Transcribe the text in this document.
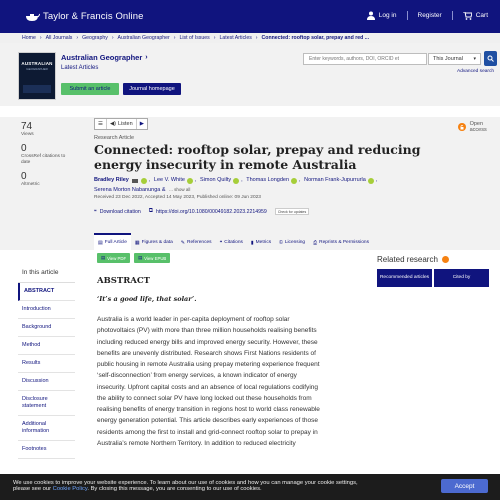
Taylor & Francis Online	Log in	Register	Cart
Home › All Journals › Geography › Australian Geographer › List of Issues › Latest Articles › Connected: rooftop solar, prepay and red ...
AUSTRALIAN
GEOGRAPHER
Australian Geographer ›
Latest Articles
Submit an article	Journal homepage
Enter keywords, authors, DOI, ORCID et
This Journal ▾
Advanced search
74
Views
0
CrossRef citations to date
0
Altmetric
☰	◀) Listen	▶	Open access
Research Article
Connected: rooftop solar, prepay and reducing energy insecurity in remote Australia
Bradley Riley	, Lee V. White , Simon Quilty , Thomas Longden , Norman Frank-Jupurrurla ,
Serena Morton Nabanunga & ... show all
Received 23 Dec 2022, Accepted 14 May 2023, Published online: 09 Jun 2023
❝ Download citation ⧉ https://doi.org/10.1080/00049182.2023.2214959	Check for updates
▤ Full Article ▦ Figures & data ✎ References ❝ Citations ▮ Metrics © Licensing ⎙ Reprints & Permissions
▤ View PDF	▤ View EPUB
In this article
ABSTRACT
Introduction
Background
Method
Results
Discussion
Disclosure statement
Additional information
Footnotes
ABSTRACT

‘It’s a good life, that solar’.

Australia is a world leader in per-capita deployment of rooftop solar
photovoltaics (PV) with more than three million households realising benefits
including reduced energy bills and improved energy security. However, these
benefits are unevenly distributed. Research shows First Nations residents of
public housing in remote Australia using prepay metering experience frequent
‘self-disconnection’ from energy services, a known indicator of energy
insecurity. Upfront capital costs and an absence of local regulations codifying
the ability to connect solar PV have long locked out these households from
realising benefits of energy transition in regions host to world class renewable
energy generation potential. This article describes early experiences of those
residents among the first to install and grid-connect rooftop solar to prepay in
Australia’s remote Northern Territory. In addition to reduced electricity
Related research
Recommended articles	Cited by
We use cookies to improve your website experience. To learn about our use of cookies and how you can manage your cookie settings,
please see our Cookie Policy. By closing this message, you are consenting to our use of cookies.	Accept
